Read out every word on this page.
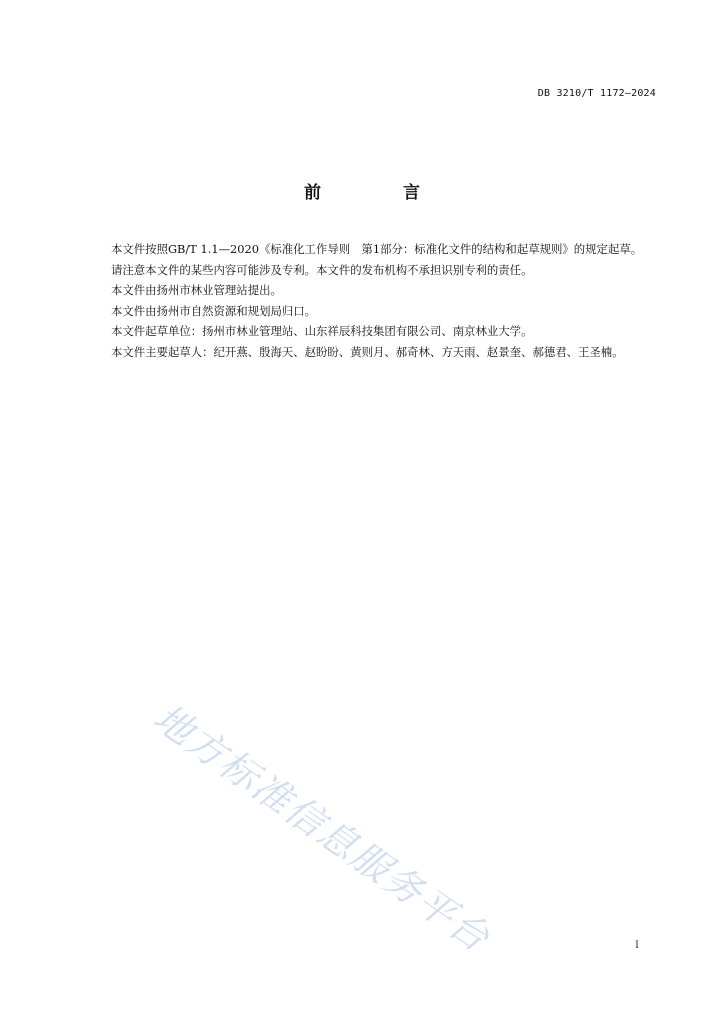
DB 3210/T 1172—2024
前 言

本文件按照GB/T 1.1—2020《标准化工作导则　第1部分：标准化文件的结构和起草规则》的规定起草。

请注意本文件的某些内容可能涉及专利。本文件的发布机构不承担识别专利的责任。

本文件由扬州市林业管理站提出。

本文件由扬州市自然资源和规划局归口。

本文件起草单位：扬州市林业管理站、山东祥辰科技集团有限公司、南京林业大学。

本文件主要起草人：纪开燕、殷海天、赵盼盼、黄则月、郝奇林、方天雨、赵景奎、郝德君、王圣楠。

地方标准信息服务平台	I
